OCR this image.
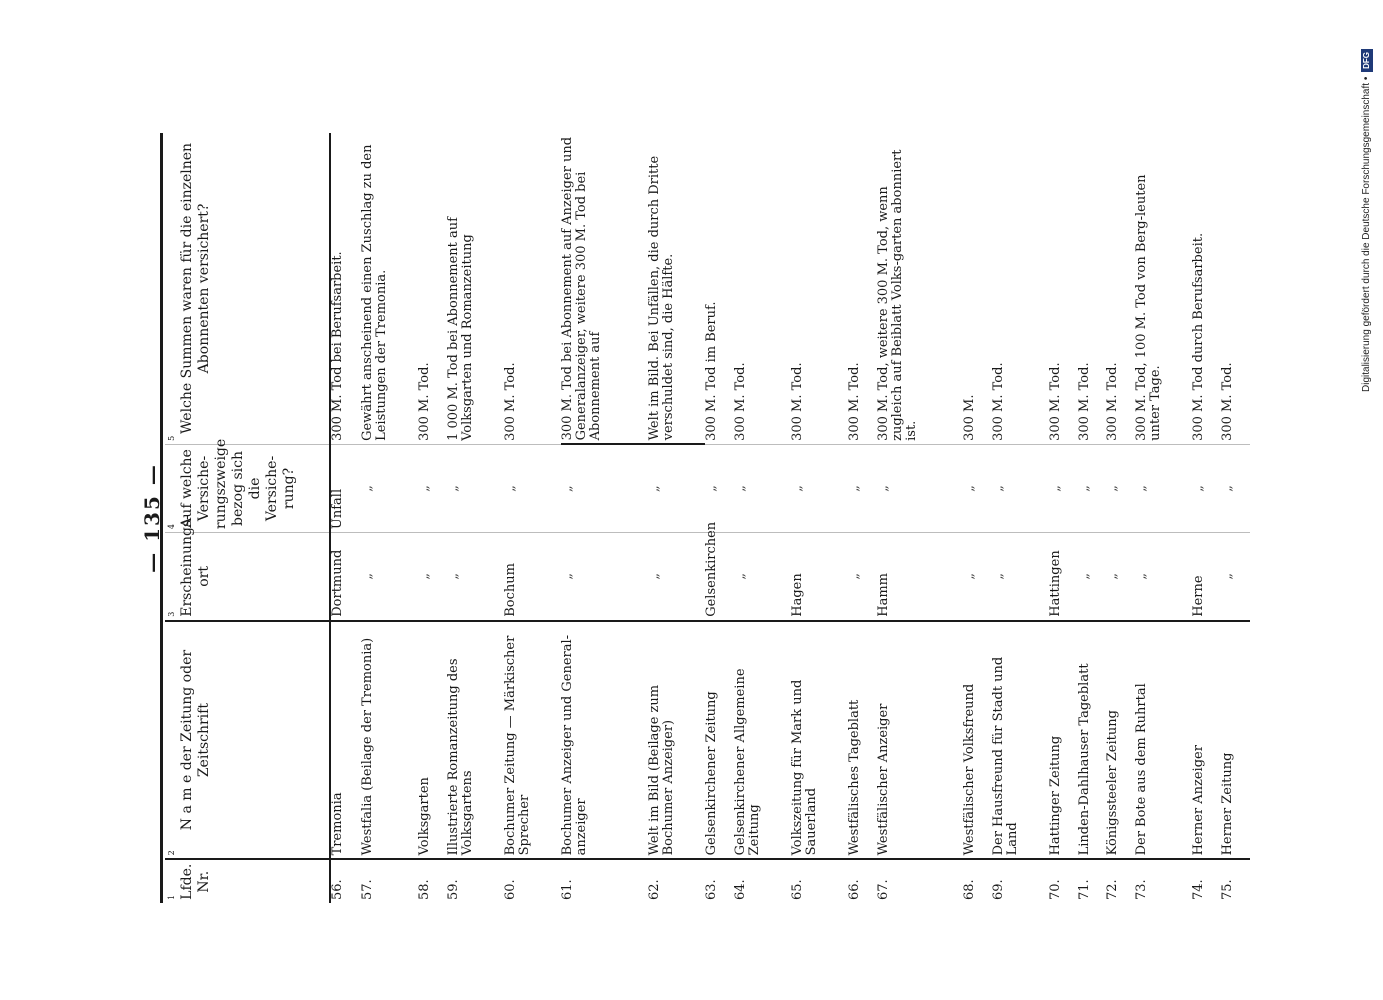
— 135 —

1	2	3	4	5
Lfde. Nr.	N a m e der Zeitung oder Zeitschrift	Erscheinungs-ort	Auf welche Versiche-rungszweige bezog sich die Versiche-rung?	Welche Summen waren für die einzelnen Abonnenten versichert?
56.	Tremonia	Dortmund	Unfall	300 M. Tod bei Berufsarbeit.
57.	Westfalia (Beilage der Tremonia)	„	„	Gewährt anscheinend einen Zuschlag zu den Leistungen der Tremonia.
58.	Volksgarten	„	„	300 M. Tod.
59.	Illustrierte Romanzeitung des Volksgartens	„	„	1 000 M. Tod bei Abonnement auf Volksgarten und Romanzeitung
60.	Bochumer Zeitung — Märkischer Sprecher	Bochum	„	300 M. Tod.
61.	Bochumer Anzeiger und General-anzeiger	„	„	300 M. Tod bei Abonnement auf Anzeiger und Generalanzeiger, weitere 300 M. Tod bei Abonnement auf
62.	Welt im Bild (Beilage zum Bochumer Anzeiger)	„	„	Welt im Bild. Bei Unfällen, die durch Dritte verschuldet sind, die Hälfte.
63.	Gelsenkirchener Zeitung	Gelsenkirchen	„	300 M. Tod im Beruf.
64.	Gelsenkirchener Allgemeine Zeitung	„	„	300 M. Tod.
65.	Volkszeitung für Mark und Sauerland	Hagen	„	300 M. Tod.
66.	Westfälisches Tageblatt	„	„	300 M. Tod.
67.	Westfälischer Anzeiger	Hamm	„	300 M. Tod, weitere 300 M. Tod, wenn zugleich auf Beiblatt Volks-garten abonniert ist.
68.	Westfälischer Volksfreund	„	„	300 M.
69.	Der Hausfreund für Stadt und Land	„	„	300 M. Tod.
70.	Hattinger Zeitung	Hattingen	„	300 M. Tod.
71.	Linden-Dahlhauser Tageblatt	„	„	300 M. Tod.
72.	Königssteeler Zeitung	„	„	300 M. Tod.
73.	Der Bote aus dem Ruhrtal	„	„	300 M. Tod, 100 M. Tod von Berg-leuten unter Tage.
74.	Herner Anzeiger	Herne	„	300 M. Tod durch Berufsarbeit.
75.	Herner Zeitung	„	„	300 M. Tod.
Digitalisierung gefördert durch die Deutsche Forschungsgemeinschaft • DFG
